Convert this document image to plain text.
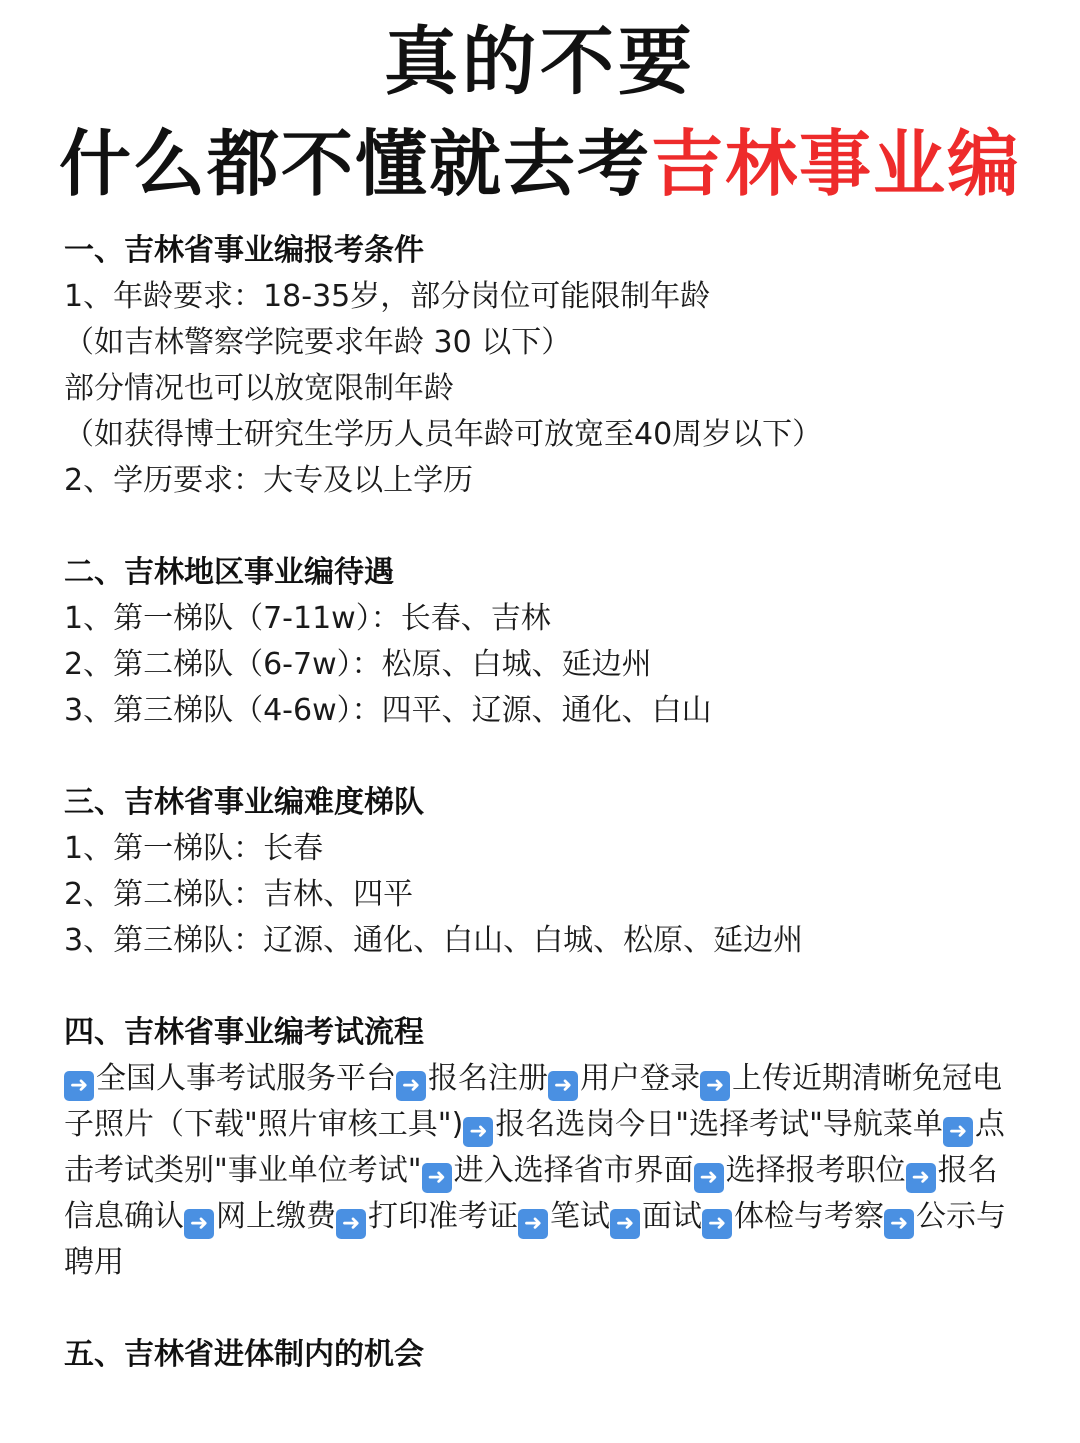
真的不要
什么都不懂就去考吉林事业编
一、吉林省事业编报考条件
1、年龄要求：18-35岁，部分岗位可能限制年龄
（如吉林警察学院要求年龄 30 以下）
部分情况也可以放宽限制年龄
（如获得博士研究生学历人员年龄可放宽至40周岁以下）
2、学历要求：大专及以上学历
二、吉林地区事业编待遇
1、第一梯队（7-11w）：长春、吉林
2、第二梯队（6-7w）：松原、白城、延边州
3、第三梯队（4-6w）：四平、辽源、通化、白山
三、吉林省事业编难度梯队
1、第一梯队：长春
2、第二梯队：吉林、四平
3、第三梯队：辽源、通化、白山、白城、松原、延边州
四、吉林省事业编考试流程
➜ 全国人事考试服务平台 ➜ 报名注册 ➜ 用户登录 ➜ 上传近期清晰免冠电子照片（下载"照片审核工具") ➜ 报名选岗今日"选择考试"导航菜单 ➜ 点击考试类别"事业单位考试" ➜ 进入选择省市界面 ➜ 选择报考职位 ➜ 报名信息确认 ➜ 网上缴费 ➜ 打印准考证 ➜ 笔试 ➜ 面试 ➜ 体检与考察 ➜ 公示与聘用
五、吉林省进体制内的机会
